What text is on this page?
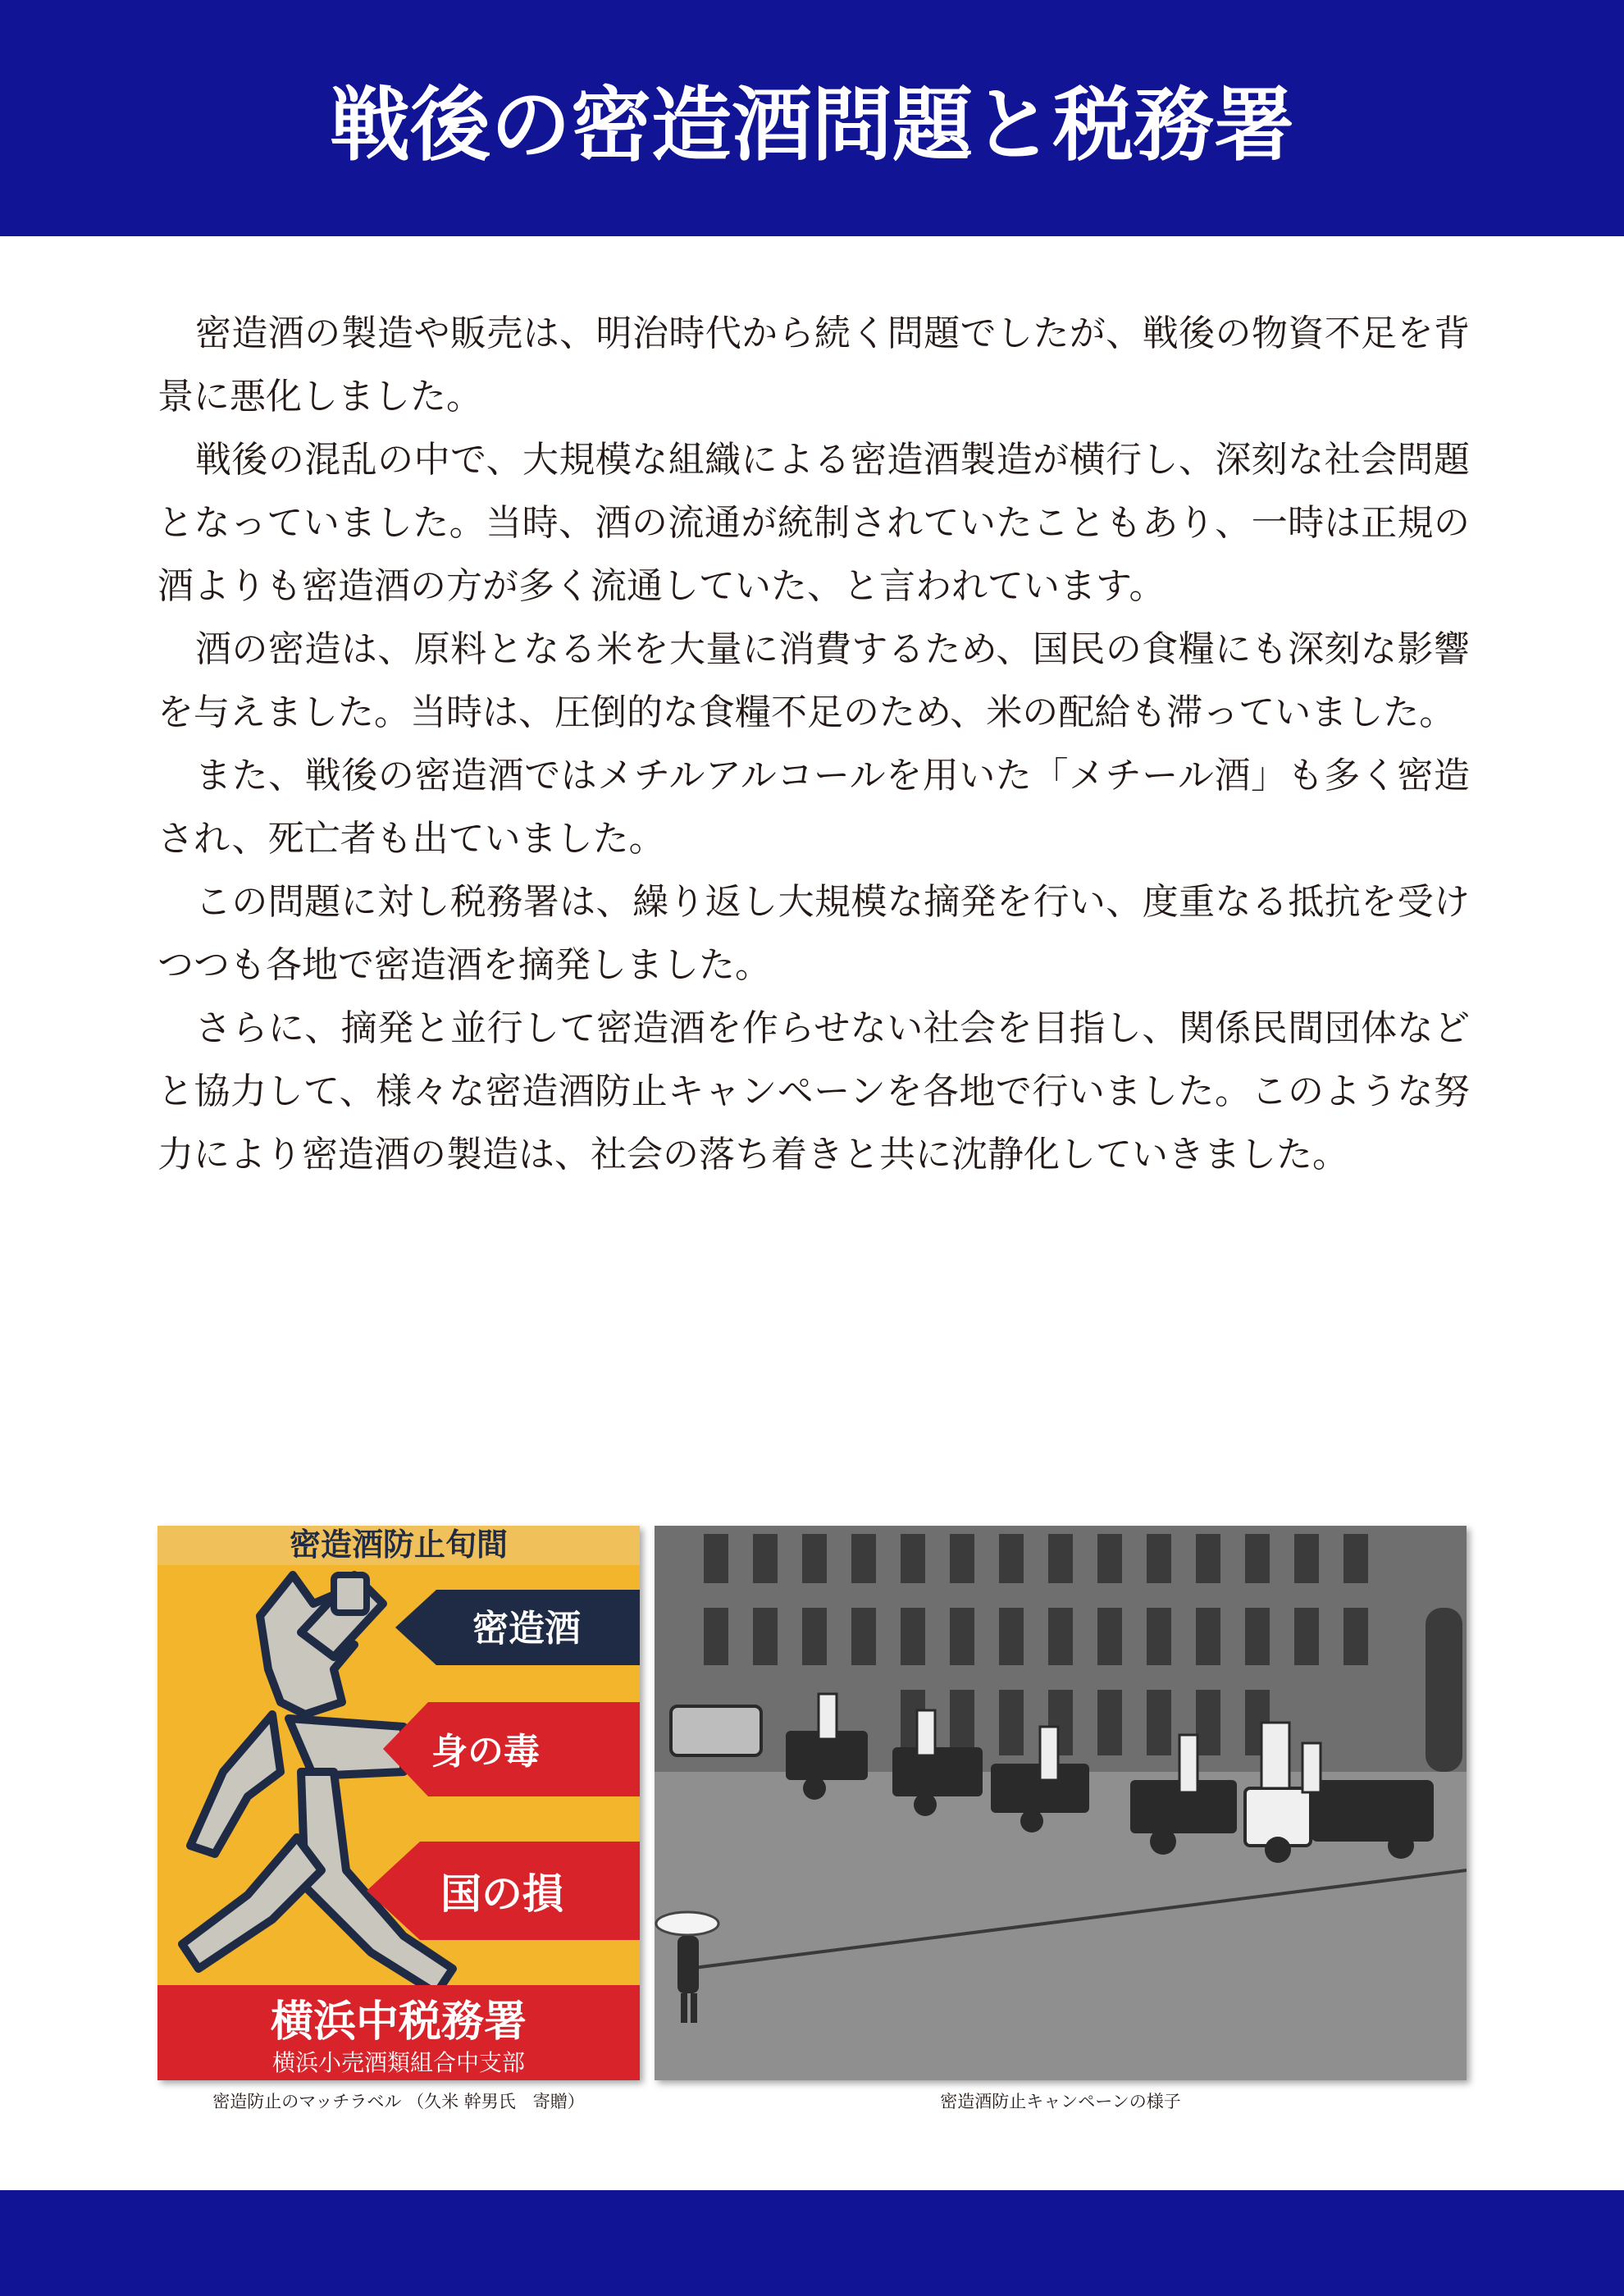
戦後の密造酒問題と税務署

密造酒の製造や販売は、明治時代から続く問題でしたが、戦後の物資不足を背景に悪化しました。

戦後の混乱の中で、大規模な組織による密造酒製造が横行し、深刻な社会問題となっていました。当時、酒の流通が統制されていたこともあり、一時は正規の酒よりも密造酒の方が多く流通していた、と言われています。

酒の密造は、原料となる米を大量に消費するため、国民の食糧にも深刻な影響を与えました。当時は、圧倒的な食糧不足のため、米の配給も滞っていました。

また、戦後の密造酒ではメチルアルコールを用いた「メチール酒」も多く密造され、死亡者も出ていました。

この問題に対し税務署は、繰り返し大規模な摘発を行い、度重なる抵抗を受けつつも各地で密造酒を摘発しました。

さらに、摘発と並行して密造酒を作らせない社会を目指し、関係民間団体などと協力して、様々な密造酒防止キャンペーンを各地で行いました。このような努力により密造酒の製造は、社会の落ち着きと共に沈静化していきました。

密造酒防止旬間
密造酒
身の毒
国の損
横浜中税務署
横浜小売酒類組合中支部
密造防止のマッチラベル （久米 幹男氏　寄贈）	密造酒防止キャンペーンの様子
